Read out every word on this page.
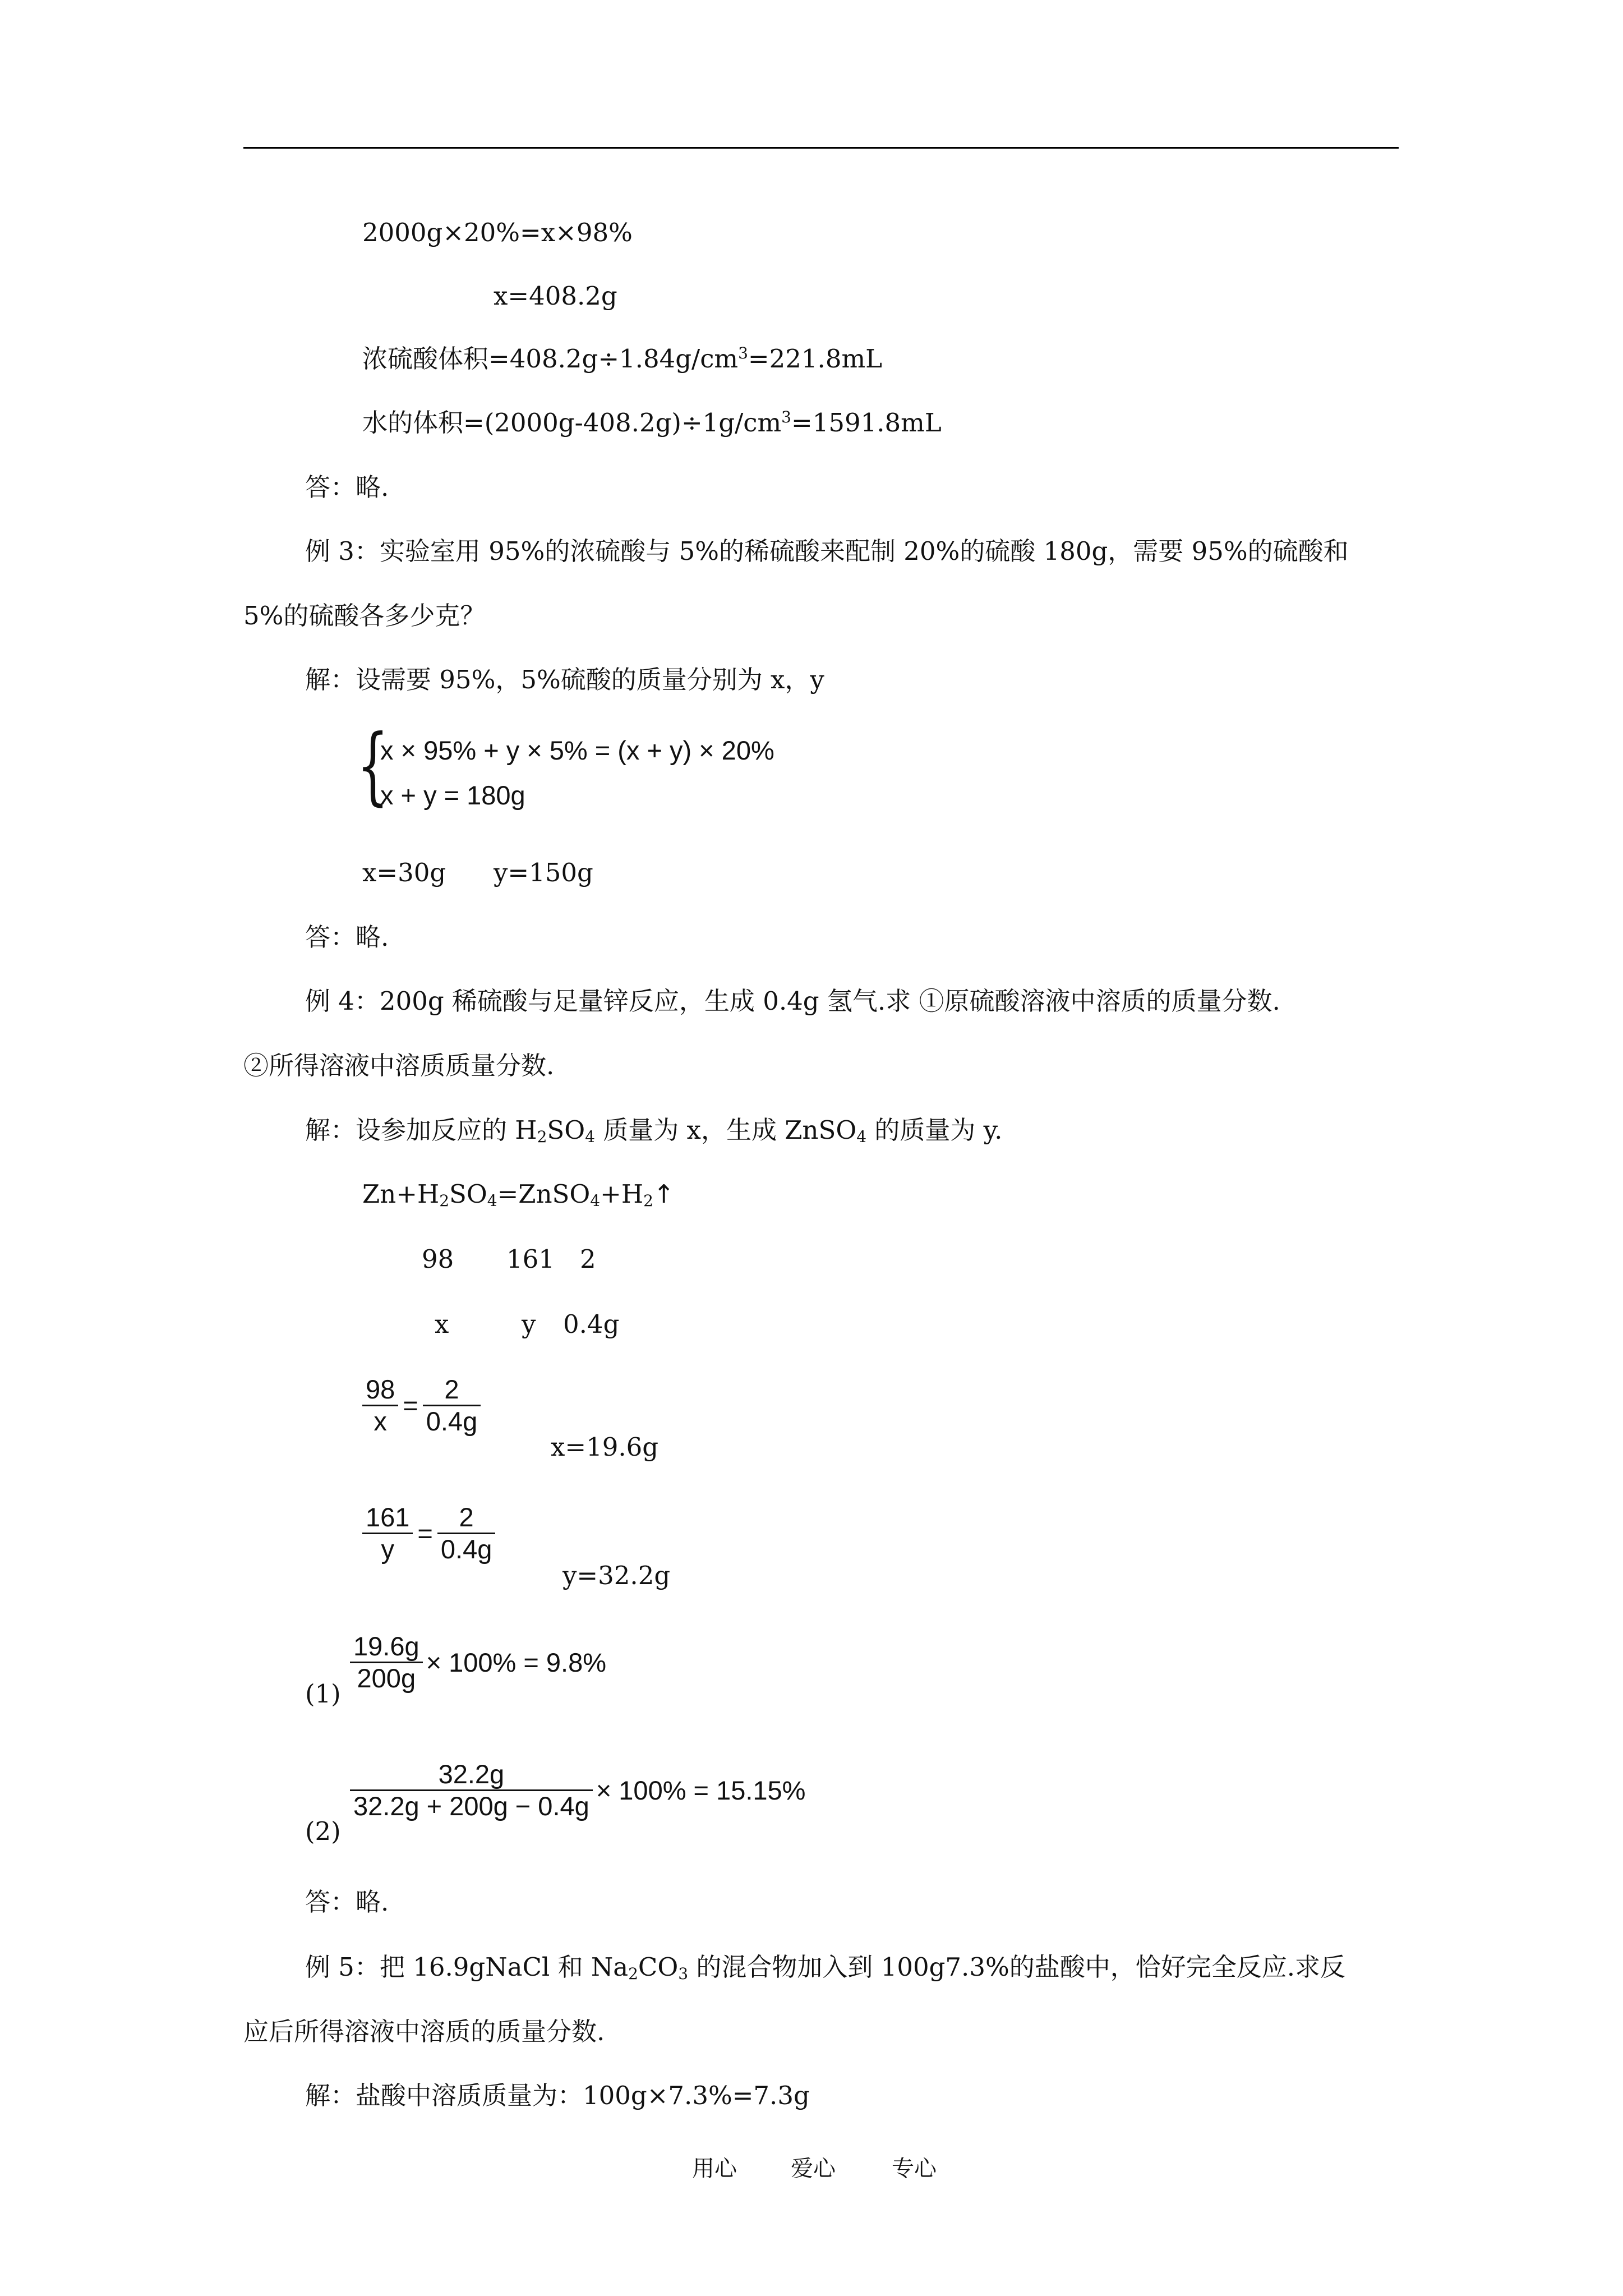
2000g×20%=x×98%
x=408.2g
浓硫酸体积$=408.2g\div 1.84g/cm^3=221.8mL$
水的体积$=(2000g-408.2g)\div 1g/cm^3=1591.8mL$
答：略.
例 3：实验室用 95%的浓硫酸与 5%的稀硫酸来配制 20%的硫酸 180g，需要 95%的硫酸和
5%的硫酸各多少克？
解：设需要 95%，5%硫酸的质量分别为 x，y
{
x × 95% + y × 5% = (x + y) × 20%
x + y = 180g
x=30g y=150g
答：略.
例 4：200g 稀硫酸与足量锌反应，生成 0.4g 氢气.求 ①原硫酸溶液中溶质的质量分数.
②所得溶液中溶质质量分数.
解：设参加反应的 $H_2SO_4$ 质量为 x，生成 ZnSO$_4$ 的质量为 y.
$Zn+H_2SO_4=ZnSO_4+H_2↑$
98 161 2
x	y 0.4g
$\frac{98}{x} = \frac{2}{0.4g}$
x=19.6g
$\frac{161}{y} = \frac{2}{0.4g}$
y=32.2g
(1)
$\frac{19.6g}{200g} \times 100\% = 9.8\%$
(2)
$\frac{32.2g}{32.2g + 200g - 0.4g} \times 100\% = 15.15\%$
答：略.
例 5：把 16.9gNaCl 和 $Na_2CO_3$ 的混合物加入到 100g7.3%的盐酸中，恰好完全反应.求反
应后所得溶液中溶质的质量分数.
解：盐酸中溶质质量为：100g×7.3%=7.3g
用心 爱心	专心
